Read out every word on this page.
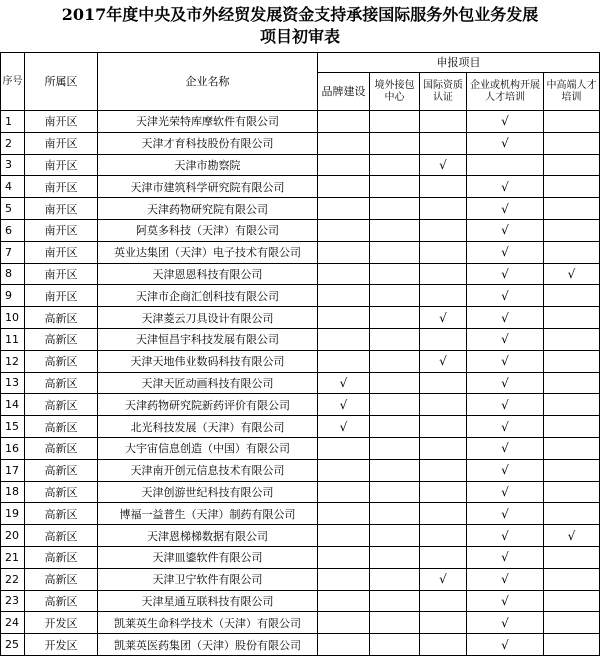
2017年度中央及市外经贸发展资金支持承接国际服务外包业务发展
项目初审表
序号	所属区	企业名称	申报项目				
			品牌建设	境外接包中心	国际资质认证	企业或机构开展人才培训	中高端人才培训
1	南开区	天津光荣特库摩软件有限公司				√	
2	南开区	天津才育科技股份有限公司				√	
3	南开区	天津市勘察院			√		
4	南开区	天津市建筑科学研究院有限公司				√	
5	南开区	天津药物研究院有限公司				√	
6	南开区	阿莫多科技（天津）有限公司				√	
7	南开区	英业达集团（天津）电子技术有限公司				√	
8	南开区	天津恩恩科技有限公司				√	√
9	南开区	天津市企商汇创科技有限公司				√	
10	高新区	天津菱云刀具设计有限公司			√	√	
11	高新区	天津恒昌宇科技发展有限公司				√	
12	高新区	天津天地伟业数码科技有限公司			√	√	
13	高新区	天津天匠动画科技有限公司	√			√	
14	高新区	天津药物研究院新药评价有限公司	√			√	
15	高新区	北光科技发展（天津）有限公司	√			√	
16	高新区	大宇宙信息创造（中国）有限公司				√	
17	高新区	天津南开创元信息技术有限公司				√	
18	高新区	天津创游世纪科技有限公司				√	
19	高新区	博福一益普生（天津）制药有限公司				√	
20	高新区	天津恩梯梯数据有限公司				√	√
21	高新区	天津皿鎏软件有限公司				√	
22	高新区	天津卫宁软件有限公司			√	√	
23	高新区	天津星通互联科技有限公司				√	
24	开发区	凯莱英生命科学技术（天津）有限公司				√	
25	开发区	凯莱英医药集团（天津）股份有限公司				√	
